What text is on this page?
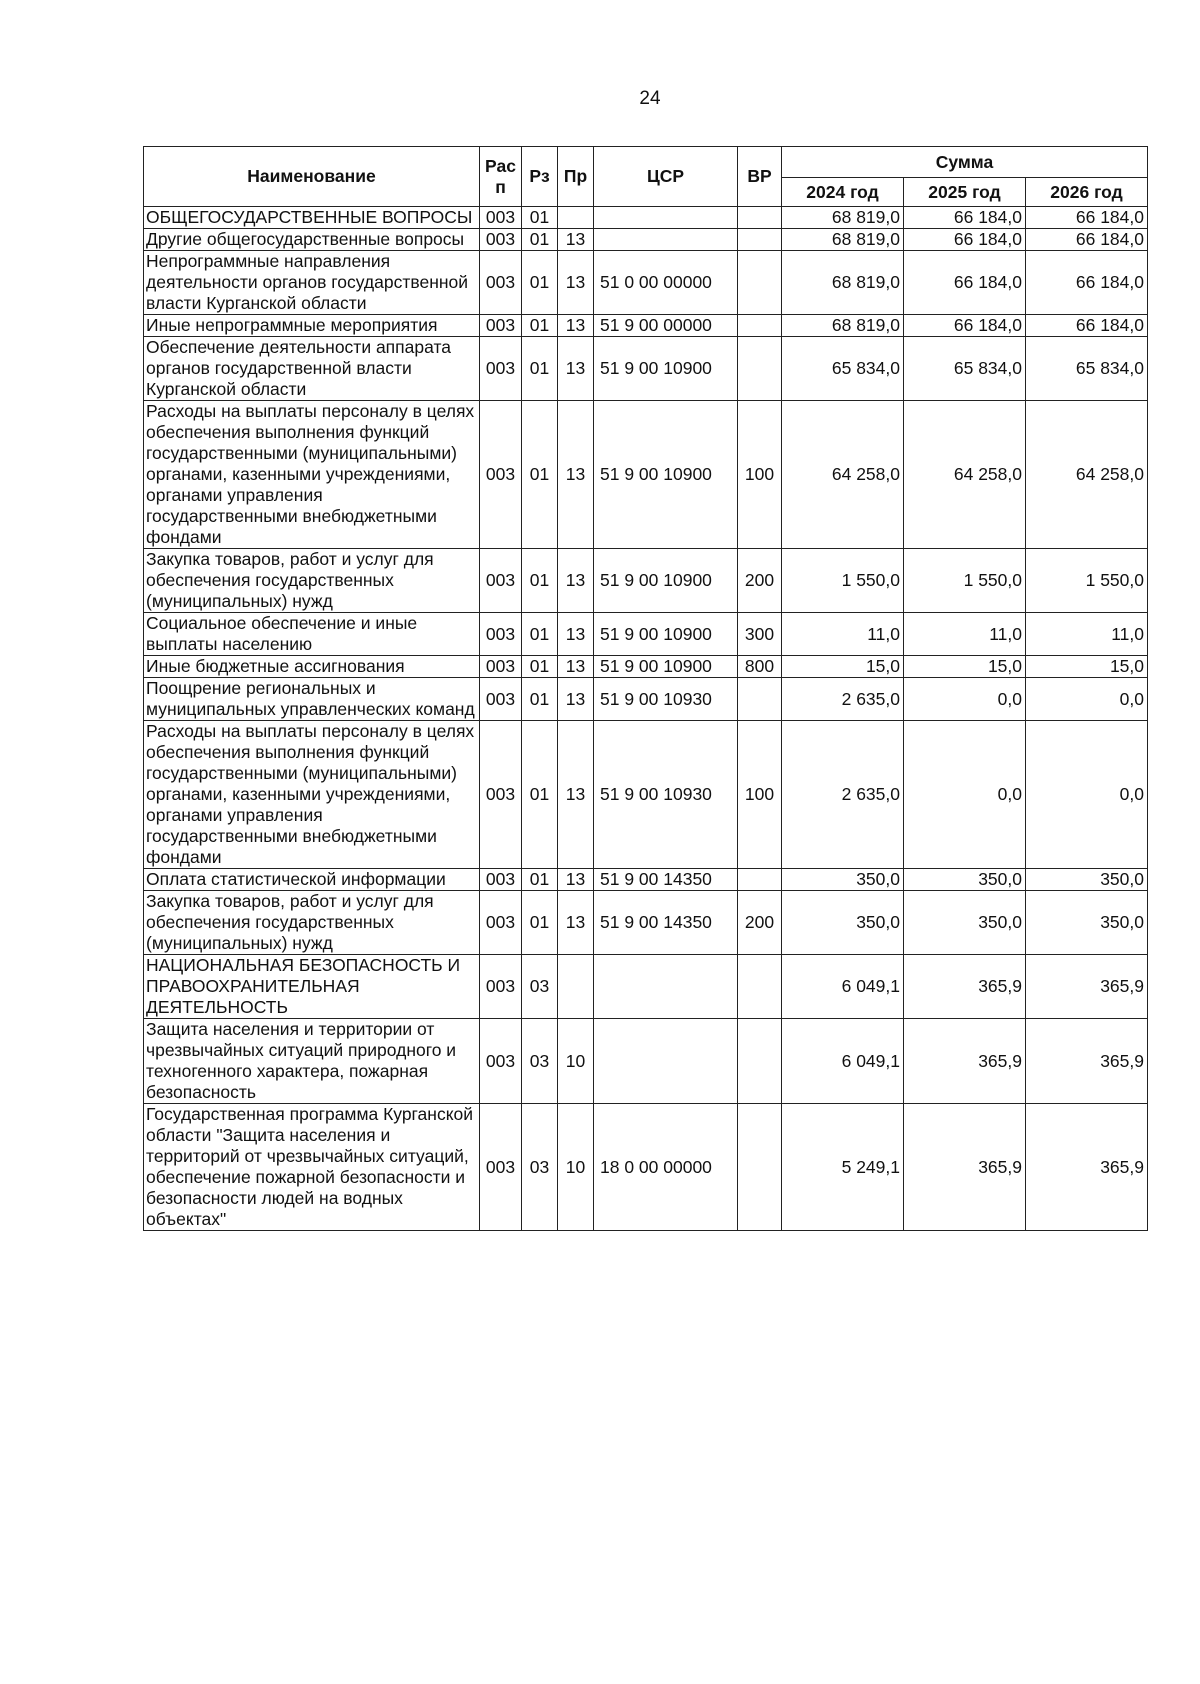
24
Наименование	Рас п	Рз	Пр	ЦСР	ВР	Сумма		
						2024 год	2025 год	2026 год
ОБЩЕГОСУДАРСТВЕННЫЕ ВОПРОСЫ	003	01				68 819,0	66 184,0	66 184,0
Другие общегосударственные вопросы	003	01	13			68 819,0	66 184,0	66 184,0
Непрограммные направления деятельности органов государственной власти Курганской области	003	01	13	51 0 00 00000		68 819,0	66 184,0	66 184,0
Иные непрограммные мероприятия	003	01	13	51 9 00 00000		68 819,0	66 184,0	66 184,0
Обеспечение деятельности аппарата органов государственной власти Курганской области	003	01	13	51 9 00 10900		65 834,0	65 834,0	65 834,0
Расходы на выплаты персоналу в целях обеспечения выполнения функций государственными (муниципальными) органами, казенными учреждениями, органами управления государственными внебюджетными фондами	003	01	13	51 9 00 10900	100	64 258,0	64 258,0	64 258,0
Закупка товаров, работ и услуг для обеспечения государственных (муниципальных) нужд	003	01	13	51 9 00 10900	200	1 550,0	1 550,0	1 550,0
Социальное обеспечение и иные выплаты населению	003	01	13	51 9 00 10900	300	11,0	11,0	11,0
Иные бюджетные ассигнования	003	01	13	51 9 00 10900	800	15,0	15,0	15,0
Поощрение региональных и муниципальных управленческих команд	003	01	13	51 9 00 10930		2 635,0	0,0	0,0
Расходы на выплаты персоналу в целях обеспечения выполнения функций государственными (муниципальными) органами, казенными учреждениями, органами управления государственными внебюджетными фондами	003	01	13	51 9 00 10930	100	2 635,0	0,0	0,0
Оплата статистической информации	003	01	13	51 9 00 14350		350,0	350,0	350,0
Закупка товаров, работ и услуг для обеспечения государственных (муниципальных) нужд	003	01	13	51 9 00 14350	200	350,0	350,0	350,0
НАЦИОНАЛЬНАЯ БЕЗОПАСНОСТЬ И ПРАВООХРАНИТЕЛЬНАЯ ДЕЯТЕЛЬНОСТЬ	003	03				6 049,1	365,9	365,9
Защита населения и территории от чрезвычайных ситуаций природного и техногенного характера, пожарная безопасность	003	03	10			6 049,1	365,9	365,9
Государственная программа Курганской области "Защита населения и территорий от чрезвычайных ситуаций, обеспечение пожарной безопасности и безопасности людей на водных объектах"	003	03	10	18 0 00 00000		5 249,1	365,9	365,9
